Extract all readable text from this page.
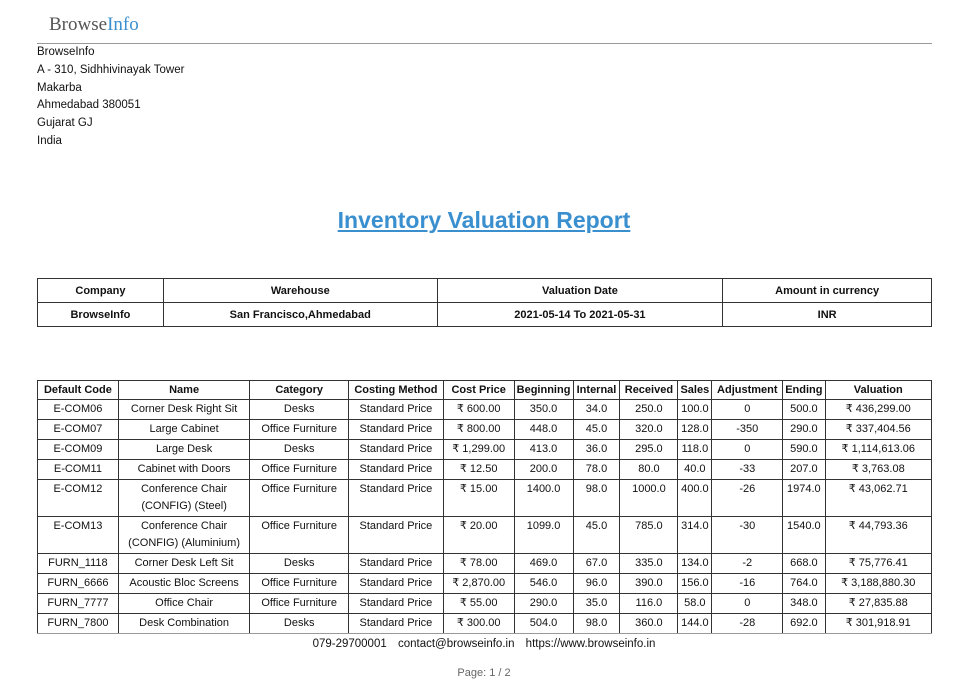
BrowseInfo
BrowseInfo
A - 310, Sidhhivinayak Tower
Makarba
Ahmedabad 380051
Gujarat GJ
India
Inventory Valuation Report
Company	Warehouse	Valuation Date	Amount in currency
BrowseInfo	San Francisco,Ahmedabad	2021-05-14 To 2021-05-31	INR
Default Code	Name	Category	Costing Method	Cost Price	Beginning	Internal	Received	Sales	Adjustment	Ending	Valuation
E-COM06	Corner Desk Right Sit	Desks	Standard Price	₹ 600.00	350.0	34.0	250.0	100.0	0	500.0	₹ 436,299.00
E-COM07	Large Cabinet	Office Furniture	Standard Price	₹ 800.00	448.0	45.0	320.0	128.0	-350	290.0	₹ 337,404.56
E-COM09	Large Desk	Desks	Standard Price	₹ 1,299.00	413.0	36.0	295.0	118.0	0	590.0	₹ 1,114,613.06
E-COM11	Cabinet with Doors	Office Furniture	Standard Price	₹ 12.50	200.0	78.0	80.0	40.0	-33	207.0	₹ 3,763.08
E-COM12	Conference Chair (CONFIG) (Steel)	Office Furniture	Standard Price	₹ 15.00	1400.0	98.0	1000.0	400.0	-26	1974.0	₹ 43,062.71
E-COM13	Conference Chair (CONFIG) (Aluminium)	Office Furniture	Standard Price	₹ 20.00	1099.0	45.0	785.0	314.0	-30	1540.0	₹ 44,793.36
FURN_1118	Corner Desk Left Sit	Desks	Standard Price	₹ 78.00	469.0	67.0	335.0	134.0	-2	668.0	₹ 75,776.41
FURN_6666	Acoustic Bloc Screens	Office Furniture	Standard Price	₹ 2,870.00	546.0	96.0	390.0	156.0	-16	764.0	₹ 3,188,880.30
FURN_7777	Office Chair	Office Furniture	Standard Price	₹ 55.00	290.0	35.0	116.0	58.0	0	348.0	₹ 27,835.88
FURN_7800	Desk Combination	Desks	Standard Price	₹ 300.00	504.0	98.0	360.0	144.0	-28	692.0	₹ 301,918.91
079-29700001 contact@browseinfo.in https://www.browseinfo.in
Page: 1 / 2
